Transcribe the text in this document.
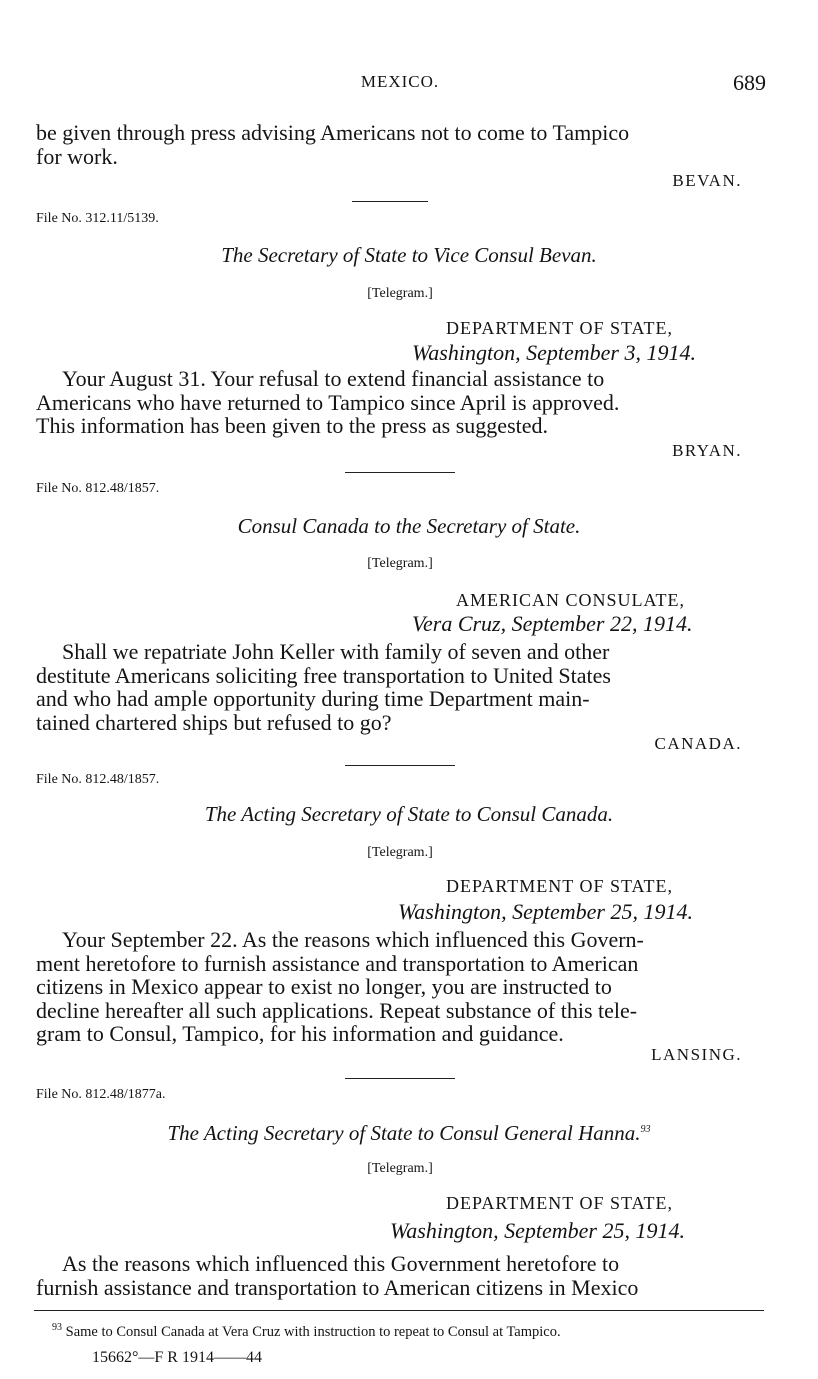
MEXICO.	689

be given through press advising Americans not to come to Tampico

for work.

BEVAN.
File No. 312.11/5139.
The Secretary of State to Vice Consul Bevan.
[Telegram.]
DEPARTMENT OF STATE,
Washington, September 3, 1914.

Your August 31. Your refusal to extend financial assistance to

Americans who have returned to Tampico since April is approved.

This information has been given to the press as suggested.

BRYAN.
File No. 812.48/1857.
Consul Canada to the Secretary of State.
[Telegram.]
AMERICAN CONSULATE,
Vera Cruz, September 22, 1914.

Shall we repatriate John Keller with family of seven and other

destitute Americans soliciting free transportation to United States

and who had ample opportunity during time Department main-

tained chartered ships but refused to go?

CANADA.
File No. 812.48/1857.
The Acting Secretary of State to Consul Canada.
[Telegram.]
DEPARTMENT OF STATE,
Washington, September 25, 1914.

Your September 22. As the reasons which influenced this Govern-

ment heretofore to furnish assistance and transportation to American

citizens in Mexico appear to exist no longer, you are instructed to

decline hereafter all such applications. Repeat substance of this tele-

gram to Consul, Tampico, for his information and guidance.

LANSING.
File No. 812.48/1877a.
The Acting Secretary of State to Consul General Hanna.$^{93}$
[Telegram.]
DEPARTMENT OF STATE,
Washington, September 25, 1914.

As the reasons which influenced this Government heretofore to

furnish assistance and transportation to American citizens in Mexico

$^{93}$ Same to Consul Canada at Vera Cruz with instruction to repeat to Consul at Tampico.
15662°—F R 1914——44
